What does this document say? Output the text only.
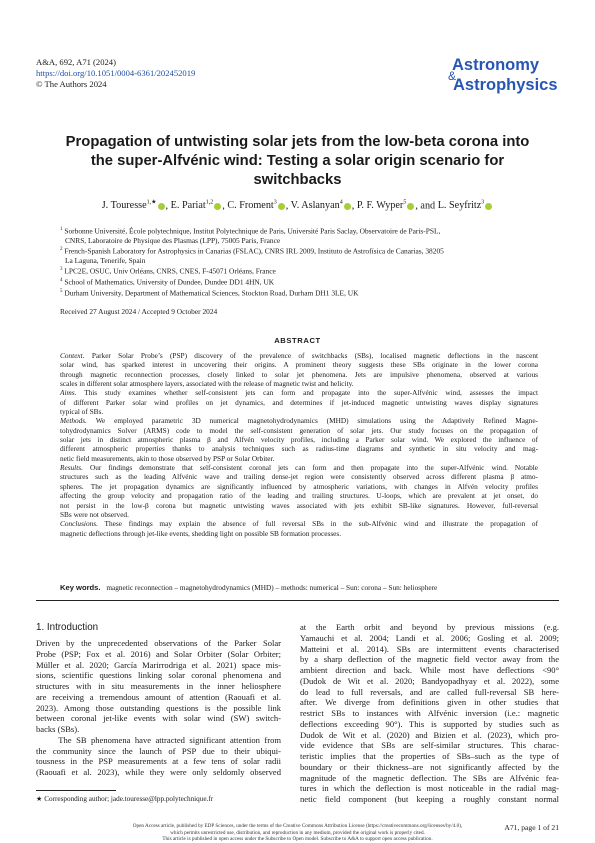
A&A, 692, A71 (2024)
https://doi.org/10.1051/0004-6361/202452019
© The Authors 2024
Astronomy
&
Astrophysics
Propagation of untwisting solar jets from the low-beta corona into
the super-Alfvénic wind: Testing a solar origin scenario for
switchbacks
J. Touresse$^{1,★}$ , E. Pariat$^{1,2}$ , C. Froment$^3$ , V. Aslanyan$^4$ , P. F. Wyper$^5$ , and L. Seyfritz$^3$
$^1$ Sorbonne Université, École polytechnique, Institut Polytechnique de Paris, Université Paris Saclay, Observatoire de Paris-PSL,
CNRS, Laboratoire de Physique des Plasmas (LPP), 75005 Paris, France
$^2$ French-Spanish Laboratory for Astrophysics in Canarias (FSLAC), CNRS IRL 2009, Instituto de Astrofísica de Canarias, 38205
La Laguna, Tenerife, Spain
$^3$ LPC2E, OSUC, Univ Orléans, CNRS, CNES, F-45071 Orléans, France
$^4$ School of Mathematics, University of Dundee, Dundee DD1 4HN, UK
$^5$ Durham University, Department of Mathematical Sciences, Stockton Road, Durham DH1 3LE, UK
Received 27 August 2024 / Accepted 9 October 2024
ABSTRACT
Context. Parker Solar Probe’s (PSP) discovery of the prevalence of switchbacks (SBs), localised magnetic deflections in the nascent
solar wind, has sparked interest in uncovering their origins. A prominent theory suggests these SBs originate in the lower corona
through magnetic reconnection processes, closely linked to solar jet phenomena. Jets are impulsive phenomena, observed at various
scales in different solar atmosphere layers, associated with the release of magnetic twist and helicity.
Aims. This study examines whether self-consistent jets can form and propagate into the super-Alfvénic wind, assesses the impact
of different Parker solar wind profiles on jet dynamics, and determines if jet-induced magnetic untwisting waves display signatures
typical of SBs.
Methods. We employed parametric 3D numerical magnetohydrodynamics (MHD) simulations using the Adaptively Refined Magne-
tohydrodynamics Solver (ARMS) code to model the self-consistent generation of solar jets. Our study focuses on the propagation of
solar jets in distinct atmospheric plasma β and Alfvén velocity profiles, including a Parker solar wind. We explored the influence of
different atmospheric properties thanks to analysis techniques such as radius-time diagrams and synthetic in situ velocity and mag-
netic field measurements, akin to those observed by PSP or Solar Orbiter.
Results. Our findings demonstrate that self-consistent coronal jets can form and then propagate into the super-Alfvénic wind. Notable
structures such as the leading Alfvénic wave and trailing dense-jet region were consistently observed across different plasma β atmo-
spheres. The jet propagation dynamics are significantly influenced by atmospheric variations, with changes in Alfvén velocity profiles
affecting the group velocity and propagation ratio of the leading and trailing structures. U-loops, which are prevalent at jet onset, do
not persist in the low-β corona but magnetic untwisting waves associated with jets exhibit SB-like signatures. However, full-reversal
SBs were not observed.
Conclusions. These findings may explain the absence of full reversal SBs in the sub-Alfvénic wind and illustrate the propagation of
magnetic deflections through jet-like events, shedding light on possible SB formation processes.
Key words. magnetic reconnection – magnetohydrodynamics (MHD) – methods: numerical – Sun: corona – Sun: heliosphere
1. Introduction
Driven by the unprecedented observations of the Parker Solar
Probe (PSP; Fox et al. 2016) and Solar Orbiter (Solar Orbiter;
Müller et al. 2020; García Marirrodriga et al. 2021) space mis-
sions, scientific questions linking solar coronal phenomena and
structures with in situ measurements in the inner heliosphere
are receiving a tremendous amount of attention (Raouafi et al.
2023). Among those outstanding questions is the possible link
between coronal jet-like events with solar wind (SW) switch-
backs (SBs).
The SB phenomena have attracted significant attention from
the community since the launch of PSP due to their ubiqui-
tousness in the PSP measurements at a few tens of solar radii
(Raouafi et al. 2023), while they were only seldomly observed
★ Corresponding author; jade.touresse@lpp.polytechnique.fr
at the Earth orbit and beyond by previous missions (e.g.
Yamauchi et al. 2004; Landi et al. 2006; Gosling et al. 2009;
Matteini et al. 2014). SBs are intermittent events characterised
by a sharp deflection of the magnetic field vector away from the
ambient direction and back. While most have deflections <90°
(Dudok de Wit et al. 2020; Bandyopadhyay et al. 2022), some
do lead to full reversals, and are called full-reversal SB here-
after. We diverge from definitions given in other studies that
restrict SBs to instances with Alfvénic inversion (i.e.: magnetic
deflections exceeding 90°). This is supported by studies such as
Dudok de Wit et al. (2020) and Bizien et al. (2023), which pro-
vide evidence that SBs are self-similar structures. This charac-
teristic implies that the properties of SBs–such as the type of
boundary or their thickness–are not significantly affected by the
magnitude of the magnetic deflection. The SBs are Alfvénic fea-
tures in which the deflection is most noticeable in the radial mag-
netic field component (but keeping a roughly constant normal
A71, page 1 of 21
Open Access article, published by EDP Sciences, under the terms of the Creative Commons Attribution License (https://creativecommons.org/licenses/by/4.0),
which permits unrestricted use, distribution, and reproduction in any medium, provided the original work is properly cited.
This article is published in open access under the Subscribe to Open model. Subscribe to A&A to support open access publication.
